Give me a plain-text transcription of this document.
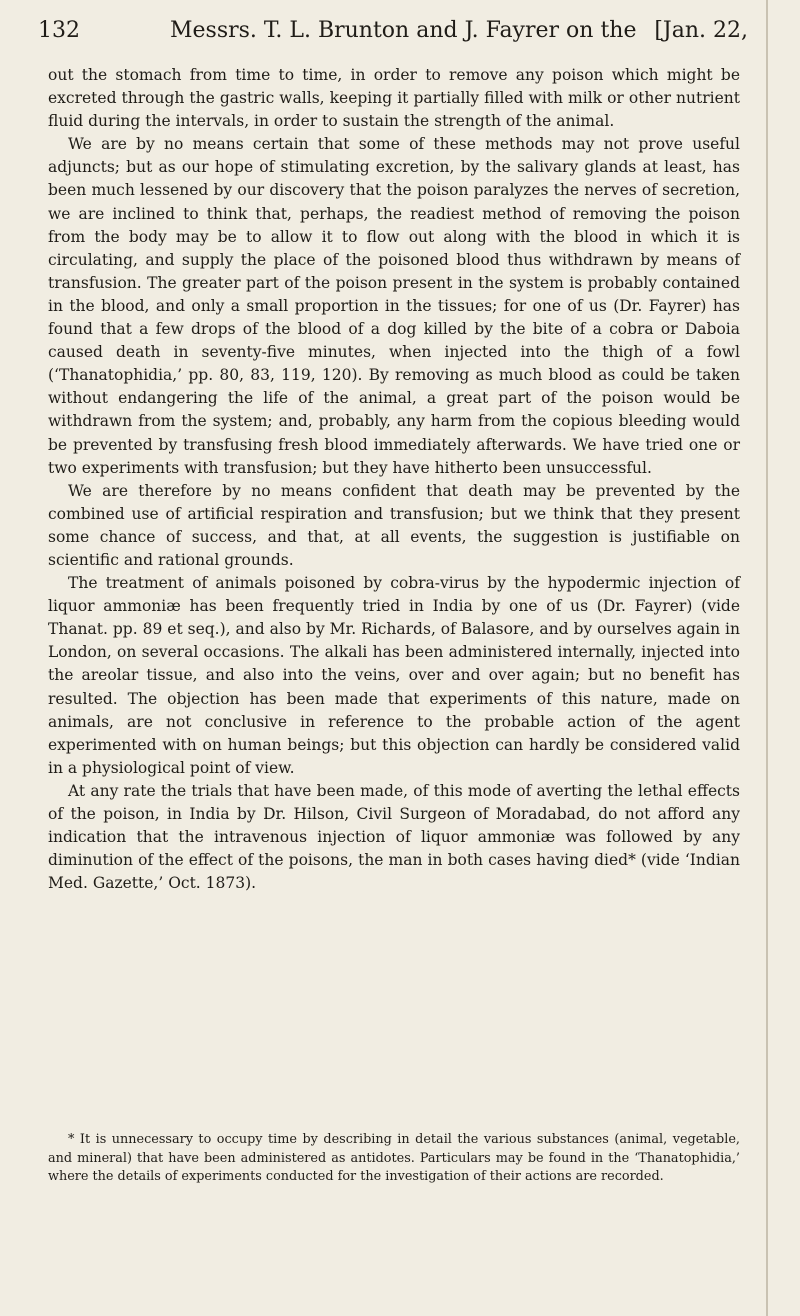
132	Messrs. T. L. Brunton and J. Fayrer on the [Jan. 22,

out the stomach from time to time, in order to remove any poison which might be excreted through the gastric walls, keeping it partially filled with milk or other nutrient fluid during the intervals, in order to sustain the strength of the animal.

We are by no means certain that some of these methods may not prove useful adjuncts; but as our hope of stimulating excretion, by the salivary glands at least, has been much lessened by our discovery that the poison paralyzes the nerves of secretion, we are inclined to think that, perhaps, the readiest method of removing the poison from the body may be to allow it to flow out along with the blood in which it is circulating, and supply the place of the poisoned blood thus withdrawn by means of transfusion. The greater part of the poison present in the system is probably contained in the blood, and only a small proportion in the tissues; for one of us (Dr. Fayrer) has found that a few drops of the blood of a dog killed by the bite of a cobra or Daboia caused death in seventy-five minutes, when injected into the thigh of a fowl (‘Thanatophidia,’ pp. 80, 83, 119, 120). By removing as much blood as could be taken without endangering the life of the animal, a great part of the poison would be withdrawn from the system; and, probably, any harm from the copious bleeding would be prevented by transfusing fresh blood immediately afterwards. We have tried one or two experiments with transfusion; but they have hitherto been unsuccessful.

We are therefore by no means confident that death may be prevented by the combined use of artificial respiration and transfusion; but we think that they present some chance of success, and that, at all events, the suggestion is justifiable on scientific and rational grounds.

The treatment of animals poisoned by cobra-virus by the hypodermic injection of liquor ammoniæ has been frequently tried in India by one of us (Dr. Fayrer) (vide Thanat. pp. 89 et seq.), and also by Mr. Richards, of Balasore, and by ourselves again in London, on several occasions. The alkali has been administered internally, injected into the areolar tissue, and also into the veins, over and over again; but no benefit has resulted. The objection has been made that experiments of this nature, made on animals, are not conclusive in reference to the probable action of the agent experimented with on human beings; but this objection can hardly be considered valid in a physiological point of view.

At any rate the trials that have been made, of this mode of averting the lethal effects of the poison, in India by Dr. Hilson, Civil Surgeon of Moradabad, do not afford any indication that the intravenous injection of liquor ammoniæ was followed by any diminution of the effect of the poisons, the man in both cases having died* (vide ‘Indian Med. Gazette,’ Oct. 1873).

* It is unnecessary to occupy time by describing in detail the various substances (animal, vegetable, and mineral) that have been administered as antidotes. Particulars may be found in the ‘Thanatophidia,’ where the details of experiments conducted for the investigation of their actions are recorded.
